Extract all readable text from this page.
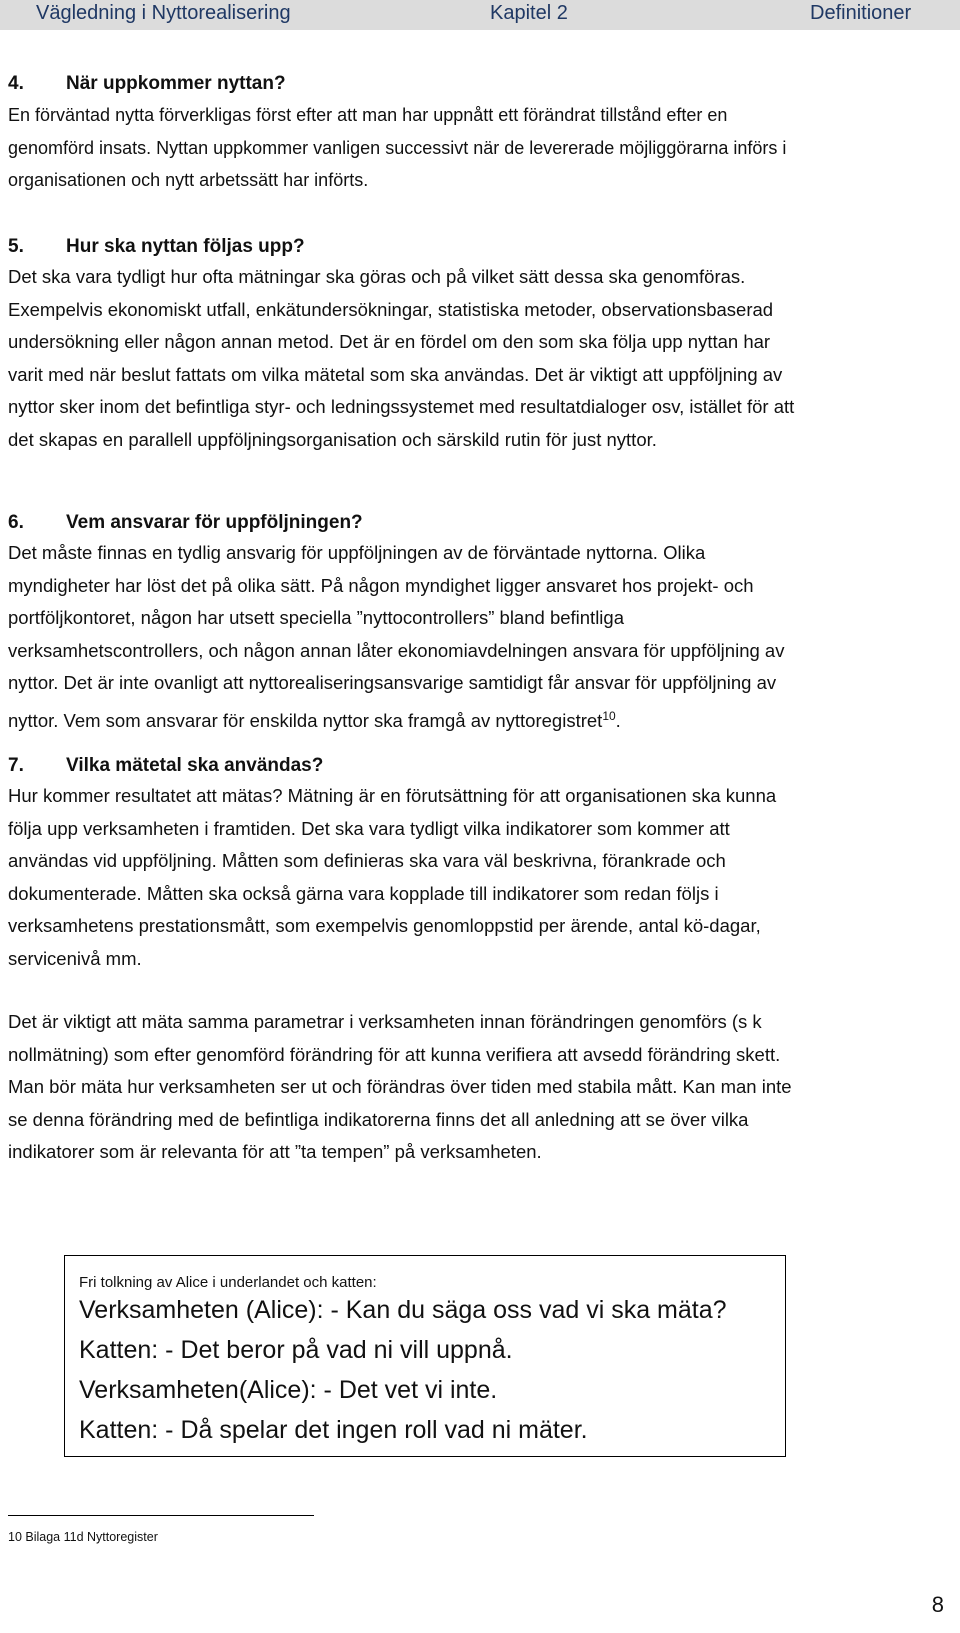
Vägledning i Nyttorealisering	Kapitel 2	Definitioner
4. När uppkommer nyttan?
En förväntad nytta förverkligas först efter att man har uppnått ett förändrat tillstånd efter en
genomförd insats. Nyttan uppkommer vanligen successivt när de levererade möjliggörarna införs i
organisationen och nytt arbetssätt har införts.
5. Hur ska nyttan följas upp?
Det ska vara tydligt hur ofta mätningar ska göras och på vilket sätt dessa ska genomföras.
Exempelvis ekonomiskt utfall, enkätundersökningar, statistiska metoder, observationsbaserad
undersökning eller någon annan metod. Det är en fördel om den som ska följa upp nyttan har
varit med när beslut fattats om vilka mätetal som ska användas. Det är viktigt att uppföljning av
nyttor sker inom det befintliga styr- och ledningssystemet med resultatdialoger osv, istället för att
det skapas en parallell uppföljningsorganisation och särskild rutin för just nyttor.
6. Vem ansvarar för uppföljningen?
Det måste finnas en tydlig ansvarig för uppföljningen av de förväntade nyttorna. Olika
myndigheter har löst det på olika sätt. På någon myndighet ligger ansvaret hos projekt- och
portföljkontoret, någon har utsett speciella ”nyttocontrollers” bland befintliga
verksamhetscontrollers, och någon annan låter ekonomiavdelningen ansvara för uppföljning av
nyttor. Det är inte ovanligt att nyttorealiseringsansvarige samtidigt får ansvar för uppföljning av
nyttor. Vem som ansvarar för enskilda nyttor ska framgå av nyttoregistret$^{10}$.
7. Vilka mätetal ska användas?
Hur kommer resultatet att mätas? Mätning är en förutsättning för att organisationen ska kunna
följa upp verksamheten i framtiden. Det ska vara tydligt vilka indikatorer som kommer att
användas vid uppföljning. Måtten som definieras ska vara väl beskrivna, förankrade och
dokumenterade. Måtten ska också gärna vara kopplade till indikatorer som redan följs i
verksamhetens prestationsmått, som exempelvis genomloppstid per ärende, antal kö-dagar,
servicenivå mm.
Det är viktigt att mäta samma parametrar i verksamheten innan förändringen genomförs (s k
nollmätning) som efter genomförd förändring för att kunna verifiera att avsedd förändring skett.
Man bör mäta hur verksamheten ser ut och förändras över tiden med stabila mått. Kan man inte
se denna förändring med de befintliga indikatorerna finns det all anledning att se över vilka
indikatorer som är relevanta för att ”ta tempen” på verksamheten.
Fri tolkning av Alice i underlandet och katten:
Verksamheten (Alice): - Kan du säga oss vad vi ska mäta?
Katten: - Det beror på vad ni vill uppnå.
Verksamheten(Alice): - Det vet vi inte.
Katten: - Då spelar det ingen roll vad ni mäter.
10 Bilaga 11d Nyttoregister
8
